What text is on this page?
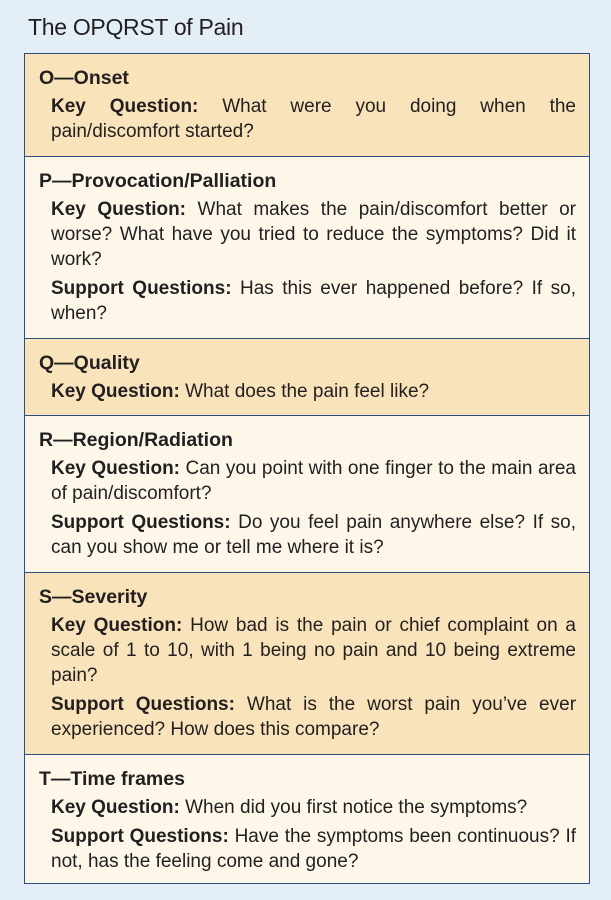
The OPQRST of Pain
O—Onset
Key Question: What were you doing when the pain/discomfort started?
P—Provocation/Palliation
Key Question: What makes the pain/discomfort better or worse? What have you tried to reduce the symptoms? Did it work?
Support Questions: Has this ever happened before? If so, when?
Q—Quality
Key Question: What does the pain feel like?
R—Region/Radiation
Key Question: Can you point with one finger to the main area of pain/discomfort?
Support Questions: Do you feel pain anywhere else? If so, can you show me or tell me where it is?
S—Severity
Key Question: How bad is the pain or chief complaint on a scale of 1 to 10, with 1 being no pain and 10 being extreme pain?
Support Questions: What is the worst pain you’ve ever experienced? How does this compare?
T—Time frames
Key Question: When did you first notice the symptoms?
Support Questions: Have the symptoms been continuous? If not, has the feeling come and gone?
